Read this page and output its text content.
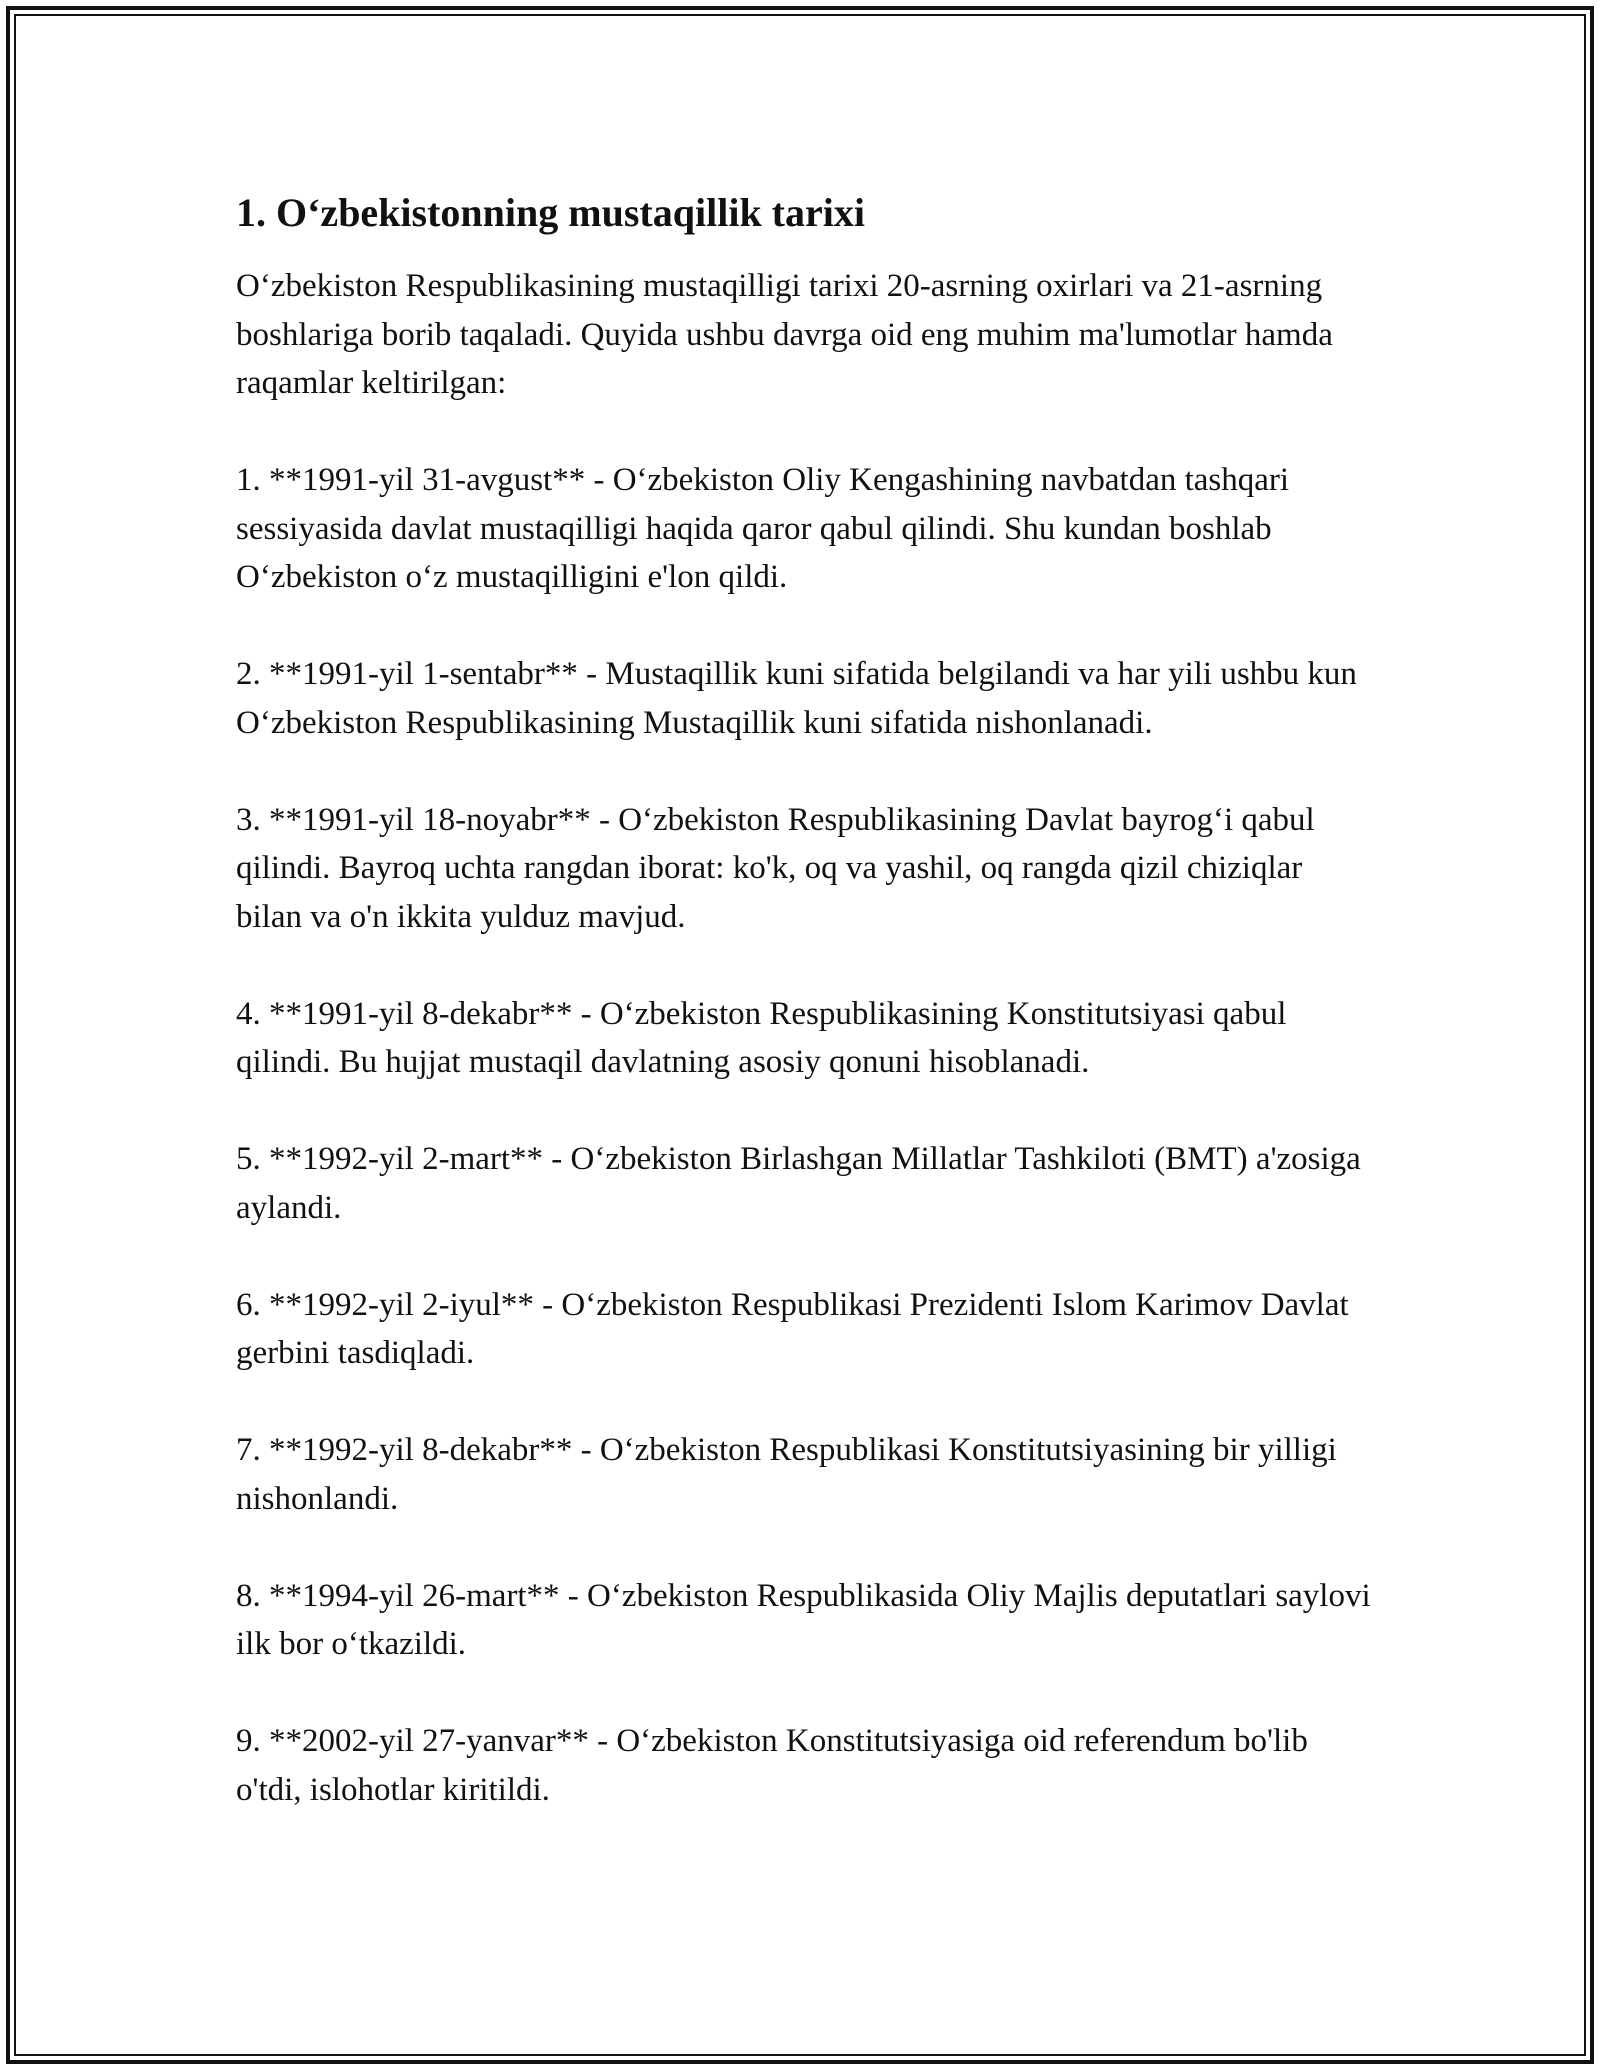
1. O‘zbekistonning mustaqillik tarixi

O‘zbekiston Respublikasining mustaqilligi tarixi 20-asrning oxirlari va 21-asrning boshlariga borib taqaladi. Quyida ushbu davrga oid eng muhim ma'lumotlar hamda raqamlar keltirilgan:

1. **1991-yil 31-avgust** - O‘zbekiston Oliy Kengashining navbatdan tashqari sessiyasida davlat mustaqilligi haqida qaror qabul qilindi. Shu kundan boshlab O‘zbekiston o‘z mustaqilligini e'lon qildi.

2. **1991-yil 1-sentabr** - Mustaqillik kuni sifatida belgilandi va har yili ushbu kun O‘zbekiston Respublikasining Mustaqillik kuni sifatida nishonlanadi.

3. **1991-yil 18-noyabr** - O‘zbekiston Respublikasining Davlat bayrog‘i qabul qilindi. Bayroq uchta rangdan iborat: ko'k, oq va yashil, oq rangda qizil chiziqlar bilan va o'n ikkita yulduz mavjud.

4. **1991-yil 8-dekabr** - O‘zbekiston Respublikasining Konstitutsiyasi qabul qilindi. Bu hujjat mustaqil davlatning asosiy qonuni hisoblanadi.

5. **1992-yil 2-mart** - O‘zbekiston Birlashgan Millatlar Tashkiloti (BMT) a'zosiga aylandi.

6. **1992-yil 2-iyul** - O‘zbekiston Respublikasi Prezidenti Islom Karimov Davlat gerbini tasdiqladi.

7. **1992-yil 8-dekabr** - O‘zbekiston Respublikasi Konstitutsiyasining bir yilligi nishonlandi.

8. **1994-yil 26-mart** - O‘zbekiston Respublikasida Oliy Majlis deputatlari saylovi ilk bor o‘tkazildi.

9. **2002-yil 27-yanvar** - O‘zbekiston Konstitutsiyasiga oid referendum bo'lib o'tdi, islohotlar kiritildi.
